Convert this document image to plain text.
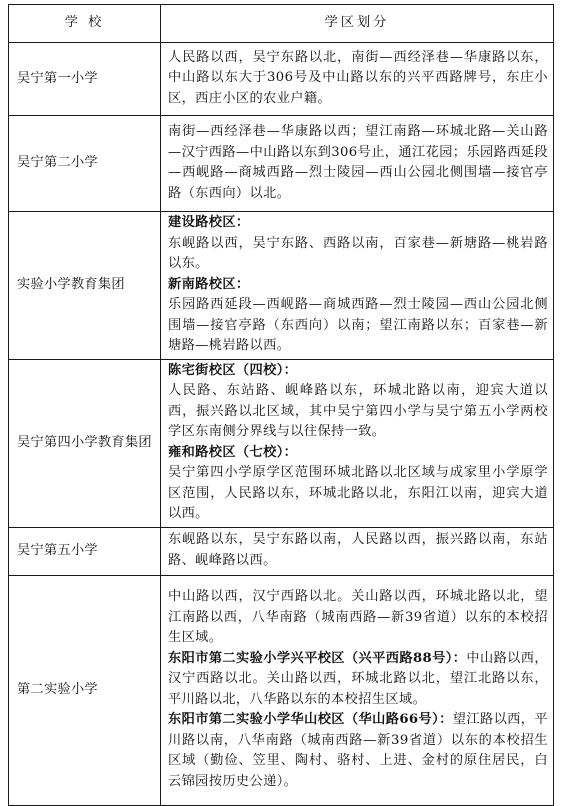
学 校	学区划分
吴宁第一小学	人民路以西，吴宁东路以北，南街—西经泽巷—华康路以东，中山路以东大于306号及中山路以东的兴平西路牌号，东庄小区，西庄小区的农业户籍。
吴宁第二小学	南街—西经泽巷—华康路以西；望江南路—环城北路—关山路—汉宁西路—中山路以东到306号止，通江花园；乐园路西延段—西岘路—商城西路—烈士陵园—西山公园北侧围墙—接官亭路（东西向）以北。
实验小学教育集团	建设路校区：
东岘路以西，吴宁东路、西路以南，百家巷—新塘路—桃岩路以东。
新南路校区：
乐园路西延段—西岘路—商城西路—烈士陵园—西山公园北侧围墙—接官亭路（东西向）以南；望江南路以东；百家巷—新塘路—桃岩路以西。

吴宁第四小学教育集团	陈宅街校区（四校）：
人民路、东站路、岘峰路以东，环城北路以南，迎宾大道以西，振兴路以北区域，其中吴宁第四小学与吴宁第五小学两校学区东南侧分界线与以往保持一致。
雍和路校区（七校）：
吴宁第四小学原学区范围环城北路以北区域与成家里小学原学区范围，人民路以东，环城北路以北，东阳江以南，迎宾大道以西。

吴宁第五小学	东岘路以东，吴宁东路以南，人民路以西，振兴路以南，东站路、岘峰路以西。
第二实验小学	中山路以西，汉宁西路以北。关山路以西，环城北路以北，望江南路以西，八华南路（城南西路—新39省道）以东的本校招生区域。
东阳市第二实验小学兴平校区（兴平西路88号）：中山路以西，汉宁西路以北。关山路以西，环城北路以北，望江北路以东，平川路以北，八华路以东的本校招生区域。
东阳市第二实验小学华山校区（华山路66号）：望江路以西，平川路以南，八华南路（城南西路—新39省道）以东的本校招生区域（勤俭、笠里、陶村、骆村、上进、金村的原住居民，白云锦园按历史公递）。
